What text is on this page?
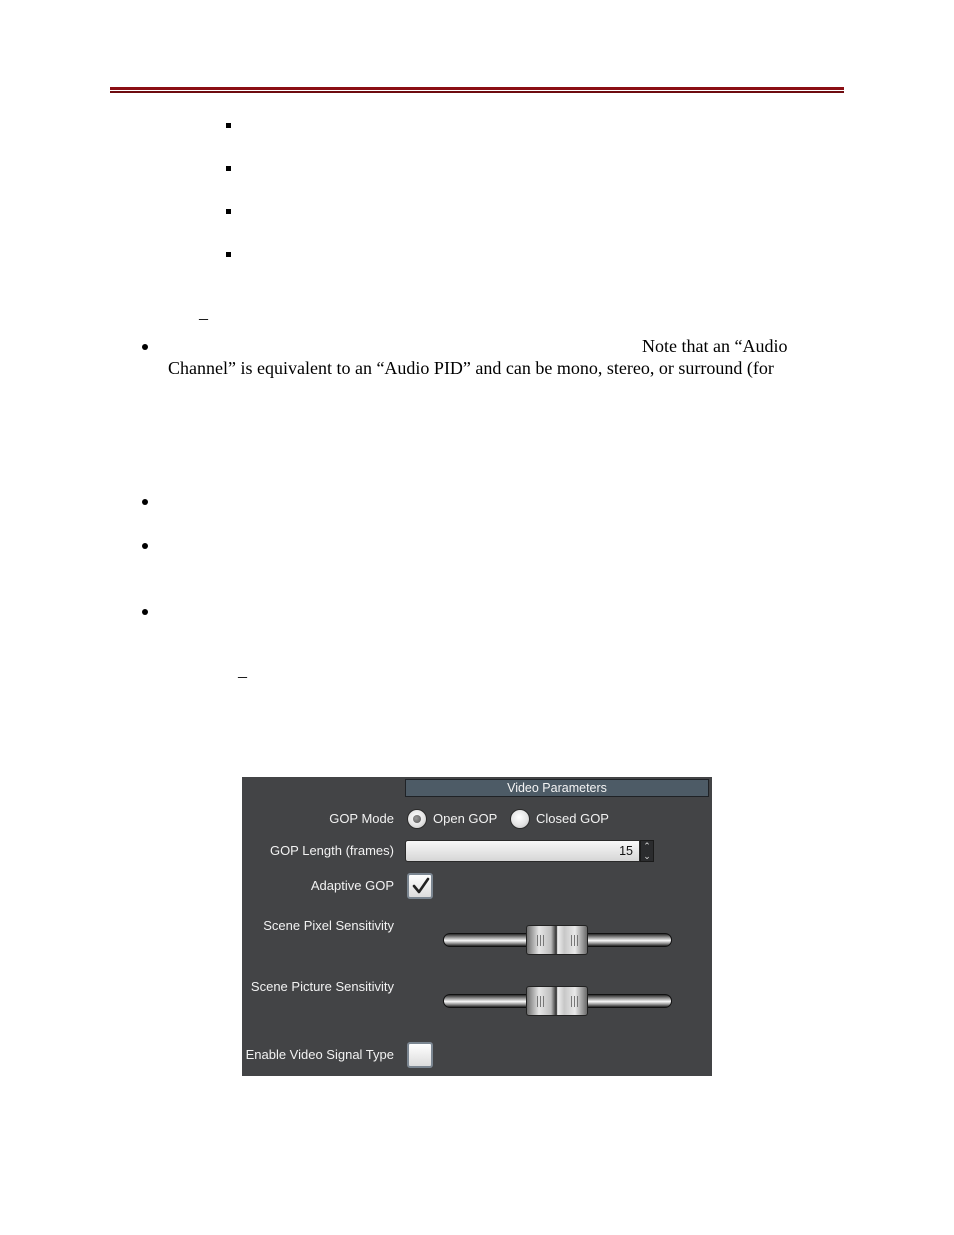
–
Note that an “Audio
Channel” is equivalent to an “Audio PID” and can be mono, stereo, or surround (for
–
Video Parameters
GOP Mode	Open GOP	Closed GOP
GOP Length (frames)	15	⌃
⌄
Adaptive GOP
Scene Pixel Sensitivity
Scene Picture Sensitivity
Enable Video Signal Type
